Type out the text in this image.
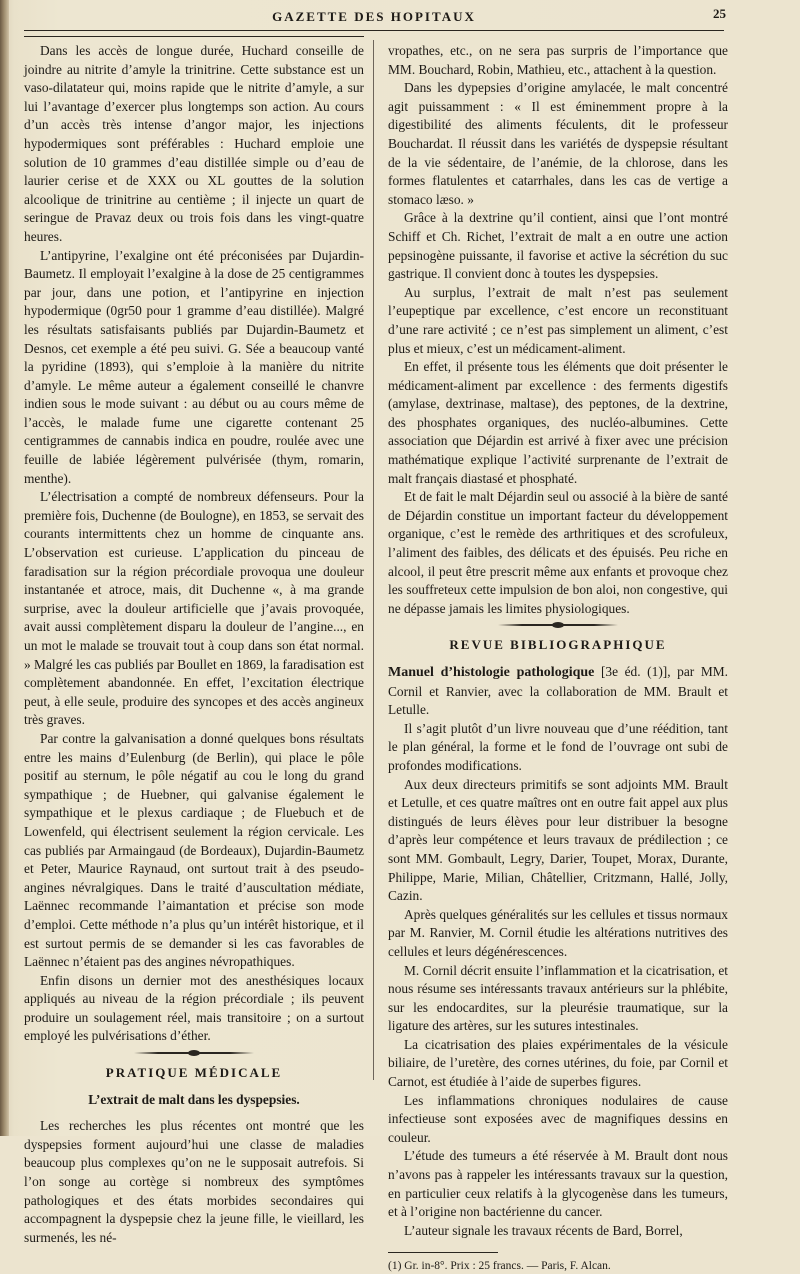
GAZETTE DES HOPITAUX	25

Dans les accès de longue durée, Huchard conseille de joindre au nitrite d’amyle la trinitrine. Cette substance est un vaso-dilatateur qui, moins rapide que le nitrite d’amyle, a sur lui l’avantage d’exercer plus longtemps son action. Au cours d’un accès très intense d’angor major, les injections hypodermiques sont préférables : Huchard emploie une solution de 10 grammes d’eau distillée simple ou d’eau de laurier cerise et de XXX ou XL gouttes de la solution alcoolique de trinitrine au centième ; il injecte un quart de seringue de Pravaz deux ou trois fois dans les vingt-quatre heures.

L’antipyrine, l’exalgine ont été préconisées par Dujardin-Baumetz. Il employait l’exalgine à la dose de 25 centigrammes par jour, dans une potion, et l’antipyrine en injection hypodermique (0gr50 pour 1 gramme d’eau distillée). Malgré les résultats satisfaisants publiés par Dujardin-Baumetz et Desnos, cet exemple a été peu suivi. G. Sée a beaucoup vanté la pyridine (1893), qui s’emploie à la manière du nitrite d’amyle. Le même auteur a également conseillé le chanvre indien sous le mode suivant : au début ou au cours même de l’accès, le malade fume une cigarette contenant 25 centigrammes de cannabis indica en poudre, roulée avec une feuille de labiée légèrement pulvérisée (thym, romarin, menthe).

L’électrisation a compté de nombreux défenseurs. Pour la première fois, Duchenne (de Boulogne), en 1853, se servait des courants intermittents chez un homme de cinquante ans. L’observation est curieuse. L’application du pinceau de faradisation sur la région précordiale provoqua une douleur instantanée et atroce, mais, dit Duchenne «, à ma grande surprise, avec la douleur artificielle que j’avais provoquée, avait aussi complètement disparu la douleur de l’angine..., en un mot le malade se trouvait tout à coup dans son état normal. » Malgré les cas publiés par Boullet en 1869, la faradisation est complètement abandonnée. En effet, l’excitation électrique peut, à elle seule, produire des syncopes et des accès angineux très graves.

Par contre la galvanisation a donné quelques bons résultats entre les mains d’Eulenburg (de Berlin), qui place le pôle positif au sternum, le pôle négatif au cou le long du grand sympathique ; de Huebner, qui galvanise également le sympathique et le plexus cardiaque ; de Fluebuch et de Lowenfeld, qui électrisent seulement la région cervicale. Les cas publiés par Armaingaud (de Bordeaux), Dujardin-Baumetz et Peter, Maurice Raynaud, ont surtout trait à des pseudo-angines névralgiques. Dans le traité d’auscultation médiate, Laënnec recommande l’aimantation et précise son mode d’emploi. Cette méthode n’a plus qu’un intérêt historique, et il est surtout permis de se demander si les cas favorables de Laënnec n’étaient pas des angines névropathiques.

Enfin disons un dernier mot des anesthésiques locaux appliqués au niveau de la région précordiale ; ils peuvent produire un soulagement réel, mais transitoire ; on a surtout employé les pulvérisations d’éther.

PRATIQUE MÉDICALE
L’extrait de malt dans les dyspepsies.

Les recherches les plus récentes ont montré que les dyspepsies forment aujourd’hui une classe de maladies beaucoup plus complexes qu’on ne le supposait autrefois. Si l’on songe au cortège si nombreux des symptômes pathologiques et des états morbides secondaires qui accompagnent la dyspepsie chez la jeune fille, le vieillard, les surmenés, les né-

vropathes, etc., on ne sera pas surpris de l’importance que MM. Bouchard, Robin, Mathieu, etc., attachent à la question.

Dans les dypepsies d’origine amylacée, le malt concentré agit puissamment : « Il est éminemment propre à la digestibilité des aliments féculents, dit le professeur Bouchardat. Il réussit dans les variétés de dyspepsie résultant de la vie sédentaire, de l’anémie, de la chlorose, dans les formes flatulentes et catarrhales, dans les cas de vertige a stomaco læso. »

Grâce à la dextrine qu’il contient, ainsi que l’ont montré Schiff et Ch. Richet, l’extrait de malt a en outre une action pepsinogène puissante, il favorise et active la sécrétion du suc gastrique. Il convient donc à toutes les dyspepsies.

Au surplus, l’extrait de malt n’est pas seulement l’eupeptique par excellence, c’est encore un reconstituant d’une rare activité ; ce n’est pas simplement un aliment, c’est plus et mieux, c’est un médicament-aliment.

En effet, il présente tous les éléments que doit présenter le médicament-aliment par excellence : des ferments digestifs (amylase, dextrinase, maltase), des peptones, de la dextrine, des phosphates organiques, des nucléo-albumines. Cette association que Déjardin est arrivé à fixer avec une précision mathématique explique l’activité surprenante de l’extrait de malt français diastasé et phosphaté.

Et de fait le malt Déjardin seul ou associé à la bière de santé de Déjardin constitue un important facteur du développement organique, c’est le remède des arthritiques et des scrofuleux, l’aliment des faibles, des délicats et des épuisés. Peu riche en alcool, il peut être prescrit même aux enfants et provoque chez les souffreteux cette impulsion de bon aloi, non congestive, qui ne dépasse jamais les limites physiologiques.

REVUE BIBLIOGRAPHIQUE

Manuel d’histologie pathologique [3e éd. (1)], par MM. Cornil et Ranvier, avec la collaboration de MM. Brault et Letulle.

Il s’agit plutôt d’un livre nouveau que d’une réédition, tant le plan général, la forme et le fond de l’ouvrage ont subi de profondes modifications.

Aux deux directeurs primitifs se sont adjoints MM. Brault et Letulle, et ces quatre maîtres ont en outre fait appel aux plus distingués de leurs élèves pour leur distribuer la besogne d’après leur compétence et leurs travaux de prédilection ; ce sont MM. Gombault, Legry, Darier, Toupet, Morax, Durante, Philippe, Marie, Milian, Châtellier, Critzmann, Hallé, Jolly, Cazin.

Après quelques généralités sur les cellules et tissus normaux par M. Ranvier, M. Cornil étudie les altérations nutritives des cellules et leurs dégénérescences.

M. Cornil décrit ensuite l’inflammation et la cicatrisation, et nous résume ses intéressants travaux antérieurs sur la phlébite, sur les endocardites, sur la pleurésie traumatique, sur la ligature des artères, sur les sutures intestinales.

La cicatrisation des plaies expérimentales de la vésicule biliaire, de l’uretère, des cornes utérines, du foie, par Cornil et Carnot, est étudiée à l’aide de superbes figures.

Les inflammations chroniques nodulaires de cause infectieuse sont exposées avec de magnifiques dessins en couleur.

L’étude des tumeurs a été réservée à M. Brault dont nous n’avons pas à rappeler les intéressants travaux sur la question, en particulier ceux relatifs à la glycogenèse dans les tumeurs, et à l’origine non bactérienne du cancer.

L’auteur signale les travaux récents de Bard, Borrel,

(1) Gr. in-8°. Prix : 25 francs. — Paris, F. Alcan.
